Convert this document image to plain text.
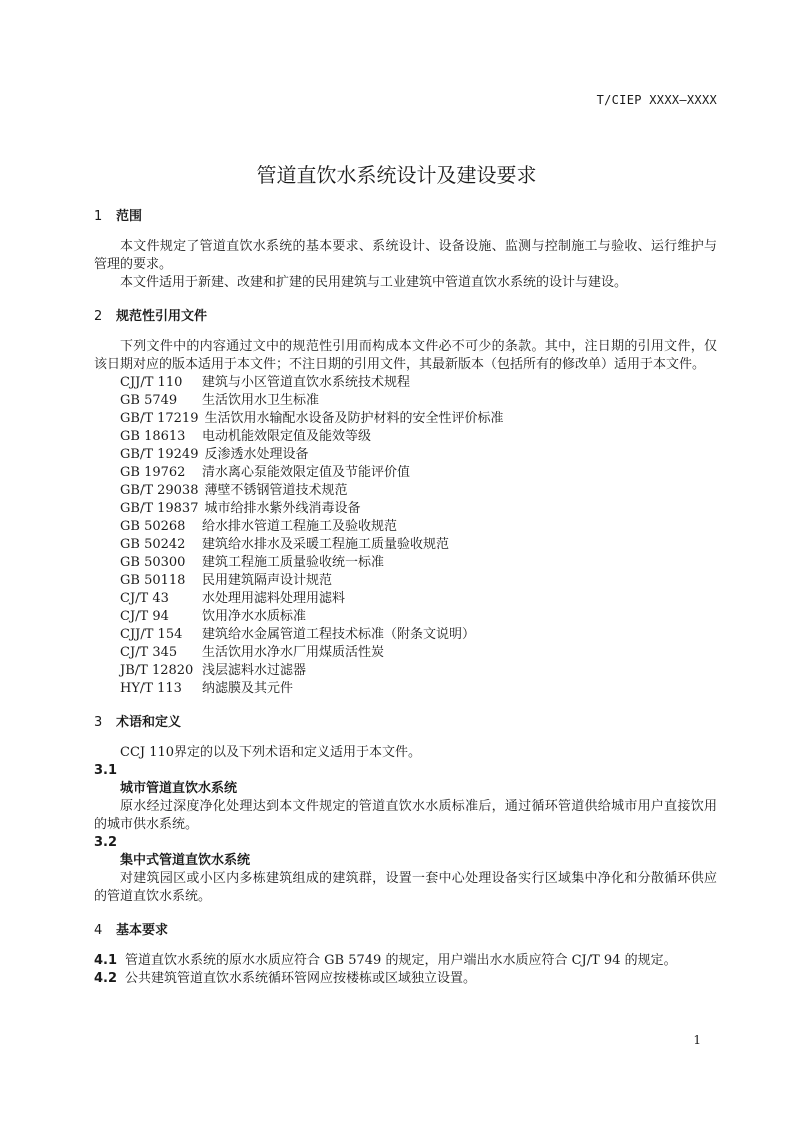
T/CIEP XXXX—XXXX
管道直饮水系统设计及建设要求

1 范围

本文件规定了管道直饮水系统的基本要求、系统设计、设备设施、监测与控制施工与验收、运行维护与管理的要求。

本文件适用于新建、改建和扩建的民用建筑与工业建筑中管道直饮水系统的设计与建设。

2 规范性引用文件

下列文件中的内容通过文中的规范性引用而构成本文件必不可少的条款。其中，注日期的引用文件，仅该日期对应的版本适用于本文件；不注日期的引用文件，其最新版本（包括所有的修改单）适用于本文件。

CJJ/T 110 建筑与小区管道直饮水系统技术规程
GB 5749 生活饮用水卫生标准
GB/T 17219 生活饮用水输配水设备及防护材料的安全性评价标准
GB 18613 电动机能效限定值及能效等级
GB/T 19249 反渗透水处理设备
GB 19762 清水离心泵能效限定值及节能评价值
GB/T 29038 薄壁不锈钢管道技术规范
GB/T 19837 城市给排水紫外线消毒设备
GB 50268 给水排水管道工程施工及验收规范
GB 50242 建筑给水排水及采暖工程施工质量验收规范
GB 50300 建筑工程施工质量验收统一标准
GB 50118 民用建筑隔声设计规范
CJ/T 43	水处理用滤料处理用滤料
CJ/T 94	饮用净水水质标准
CJJ/T 154 建筑给水金属管道工程技术标准（附条文说明）
CJ/T 345 生活饮用水净水厂用煤质活性炭
JB/T 12820 浅层滤料水过滤器
HY/T 113 纳滤膜及其元件

3 术语和定义

CCJ 110界定的以及下列术语和定义适用于本文件。

3.1

城市管道直饮水系统

原水经过深度净化处理达到本文件规定的管道直饮水水质标准后，通过循环管道供给城市用户直接饮用的城市供水系统。

3.2

集中式管道直饮水系统

对建筑园区或小区内多栋建筑组成的建筑群，设置一套中心处理设备实行区域集中净化和分散循环供应的管道直饮水系统。

4 基本要求

4.1 管道直饮水系统的原水水质应符合 GB 5749 的规定，用户端出水水质应符合 CJ/T 94 的规定。

4.2 公共建筑管道直饮水系统循环管网应按楼栋或区域独立设置。

1
